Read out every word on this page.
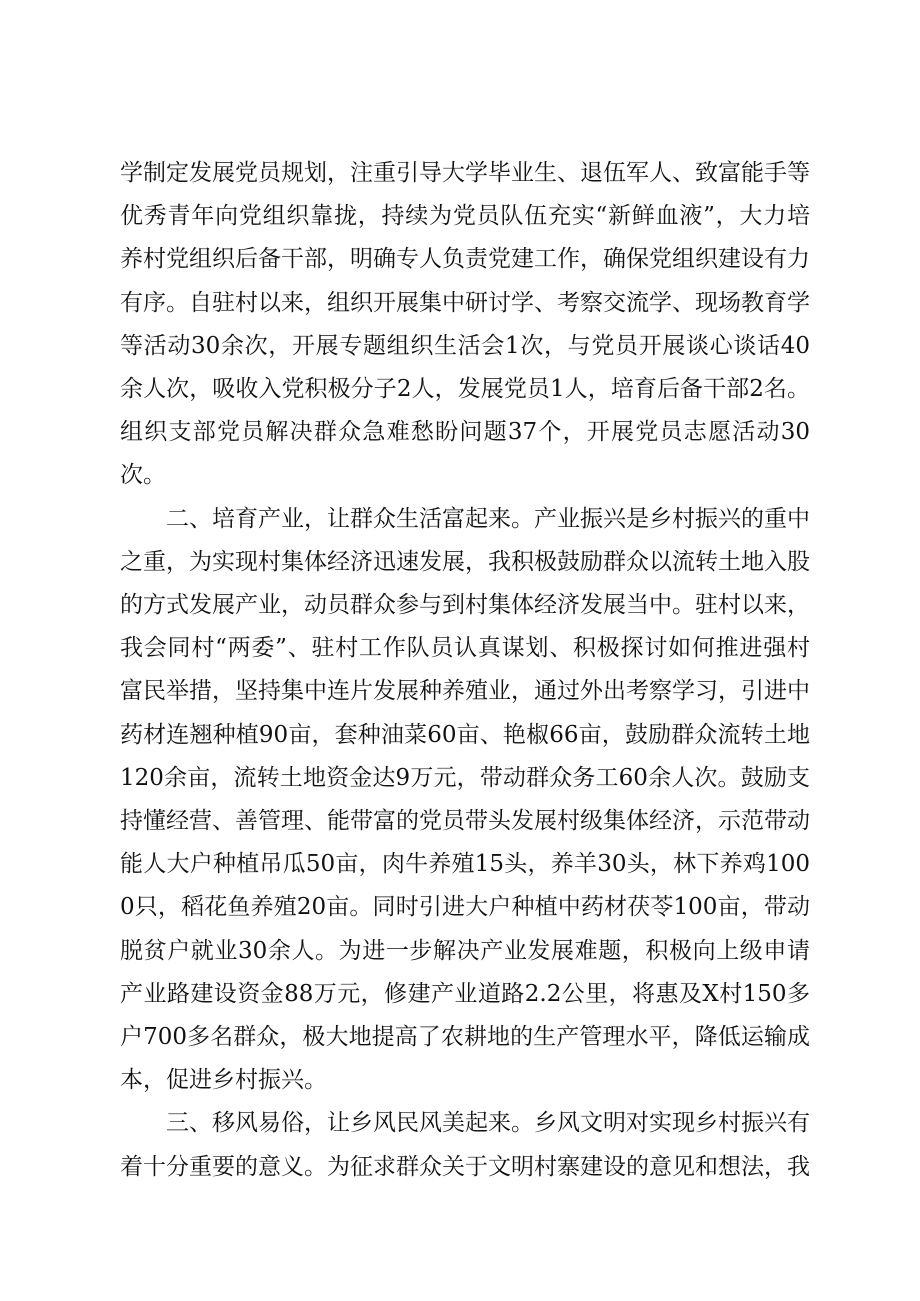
学制定发展党员规划，注重引导大学毕业生、退伍军人、致富能手等优秀青年向党组织靠拢，持续为党员队伍充实“新鲜血液”，大力培养村党组织后备干部，明确专人负责党建工作，确保党组织建设有力有序。自驻村以来，组织开展集中研讨学、考察交流学、现场教育学等活动30余次，开展专题组织生活会1次，与党员开展谈心谈话40余人次，吸收入党积极分子2人，发展党员1人，培育后备干部2名。组织支部党员解决群众急难愁盼问题37个，开展党员志愿活动30次。

二、培育产业，让群众生活富起来。产业振兴是乡村振兴的重中之重，为实现村集体经济迅速发展，我积极鼓励群众以流转土地入股的方式发展产业，动员群众参与到村集体经济发展当中。驻村以来，我会同村“两委”、驻村工作队员认真谋划、积极探讨如何推进强村富民举措，坚持集中连片发展种养殖业，通过外出考察学习，引进中药材连翘种植90亩，套种油菜60亩、艳椒66亩，鼓励群众流转土地120余亩，流转土地资金达9万元，带动群众务工60余人次。鼓励支持懂经营、善管理、能带富的党员带头发展村级集体经济，示范带动能人大户种植吊瓜50亩，肉牛养殖15头，养羊30头，林下养鸡1000只，稻花鱼养殖20亩。同时引进大户种植中药材茯苓100亩，带动脱贫户就业30余人。为进一步解决产业发展难题，积极向上级申请产业路建设资金88万元，修建产业道路2.2公里，将惠及X村150多户700多名群众，极大地提高了农耕地的生产管理水平，降低运输成本，促进乡村振兴。

三、移风易俗，让乡风民风美起来。乡风文明对实现乡村振兴有着十分重要的意义。为征求群众关于文明村寨建设的意见和想法，我
